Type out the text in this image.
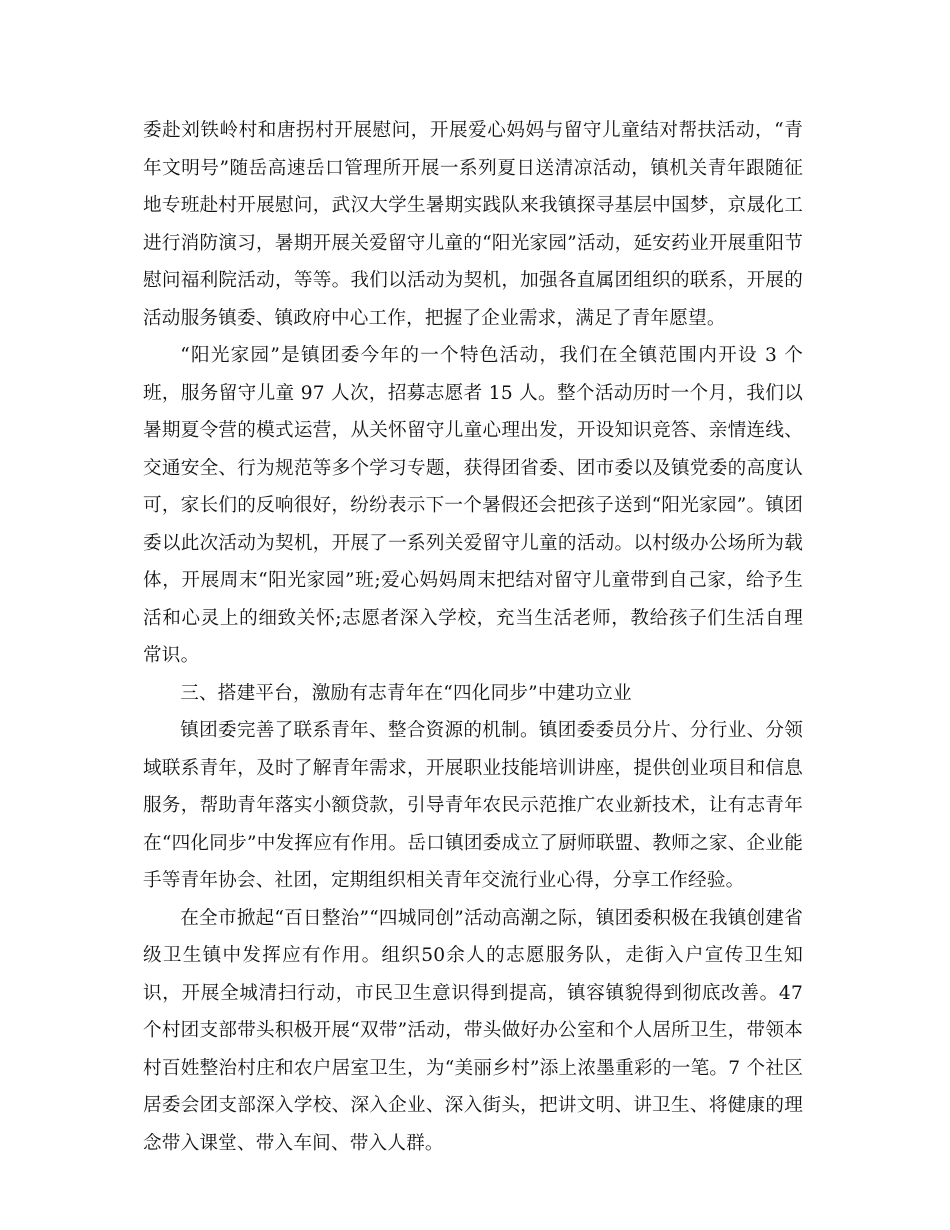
委赴刘铁岭村和唐拐村开展慰问，开展爱心妈妈与留守儿童结对帮扶活动，“青年文明号”随岳高速岳口管理所开展一系列夏日送清凉活动，镇机关青年跟随征地专班赴村开展慰问，武汉大学生暑期实践队来我镇探寻基层中国梦，京晟化工进行消防演习，暑期开展关爱留守儿童的“阳光家园”活动，延安药业开展重阳节慰问福利院活动，等等。我们以活动为契机，加强各直属团组织的联系，开展的活动服务镇委、镇政府中心工作，把握了企业需求，满足了青年愿望。

“阳光家园”是镇团委今年的一个特色活动，我们在全镇范围内开设 3 个班，服务留守儿童 97 人次，招募志愿者 15 人。整个活动历时一个月，我们以暑期夏令营的模式运营，从关怀留守儿童心理出发，开设知识竞答、亲情连线、交通安全、行为规范等多个学习专题，获得团省委、团市委以及镇党委的高度认可，家长们的反响很好，纷纷表示下一个暑假还会把孩子送到“阳光家园”。镇团委以此次活动为契机，开展了一系列关爱留守儿童的活动。以村级办公场所为载体，开展周末“阳光家园”班;爱心妈妈周末把结对留守儿童带到自己家，给予生活和心灵上的细致关怀;志愿者深入学校，充当生活老师，教给孩子们生活自理常识。

三、搭建平台，激励有志青年在“四化同步”中建功立业

镇团委完善了联系青年、整合资源的机制。镇团委委员分片、分行业、分领域联系青年，及时了解青年需求，开展职业技能培训讲座，提供创业项目和信息服务，帮助青年落实小额贷款，引导青年农民示范推广农业新技术，让有志青年在“四化同步”中发挥应有作用。岳口镇团委成立了厨师联盟、教师之家、企业能手等青年协会、社团，定期组织相关青年交流行业心得，分享工作经验。

在全市掀起“百日整治”“四城同创”活动高潮之际，镇团委积极在我镇创建省级卫生镇中发挥应有作用。组织50余人的志愿服务队，走街入户宣传卫生知识，开展全城清扫行动，市民卫生意识得到提高，镇容镇貌得到彻底改善。47 个村团支部带头积极开展“双带”活动，带头做好办公室和个人居所卫生，带领本村百姓整治村庄和农户居室卫生，为“美丽乡村”添上浓墨重彩的一笔。7 个社区居委会团支部深入学校、深入企业、深入街头，把讲文明、讲卫生、将健康的理念带入课堂、带入车间、带入人群。
